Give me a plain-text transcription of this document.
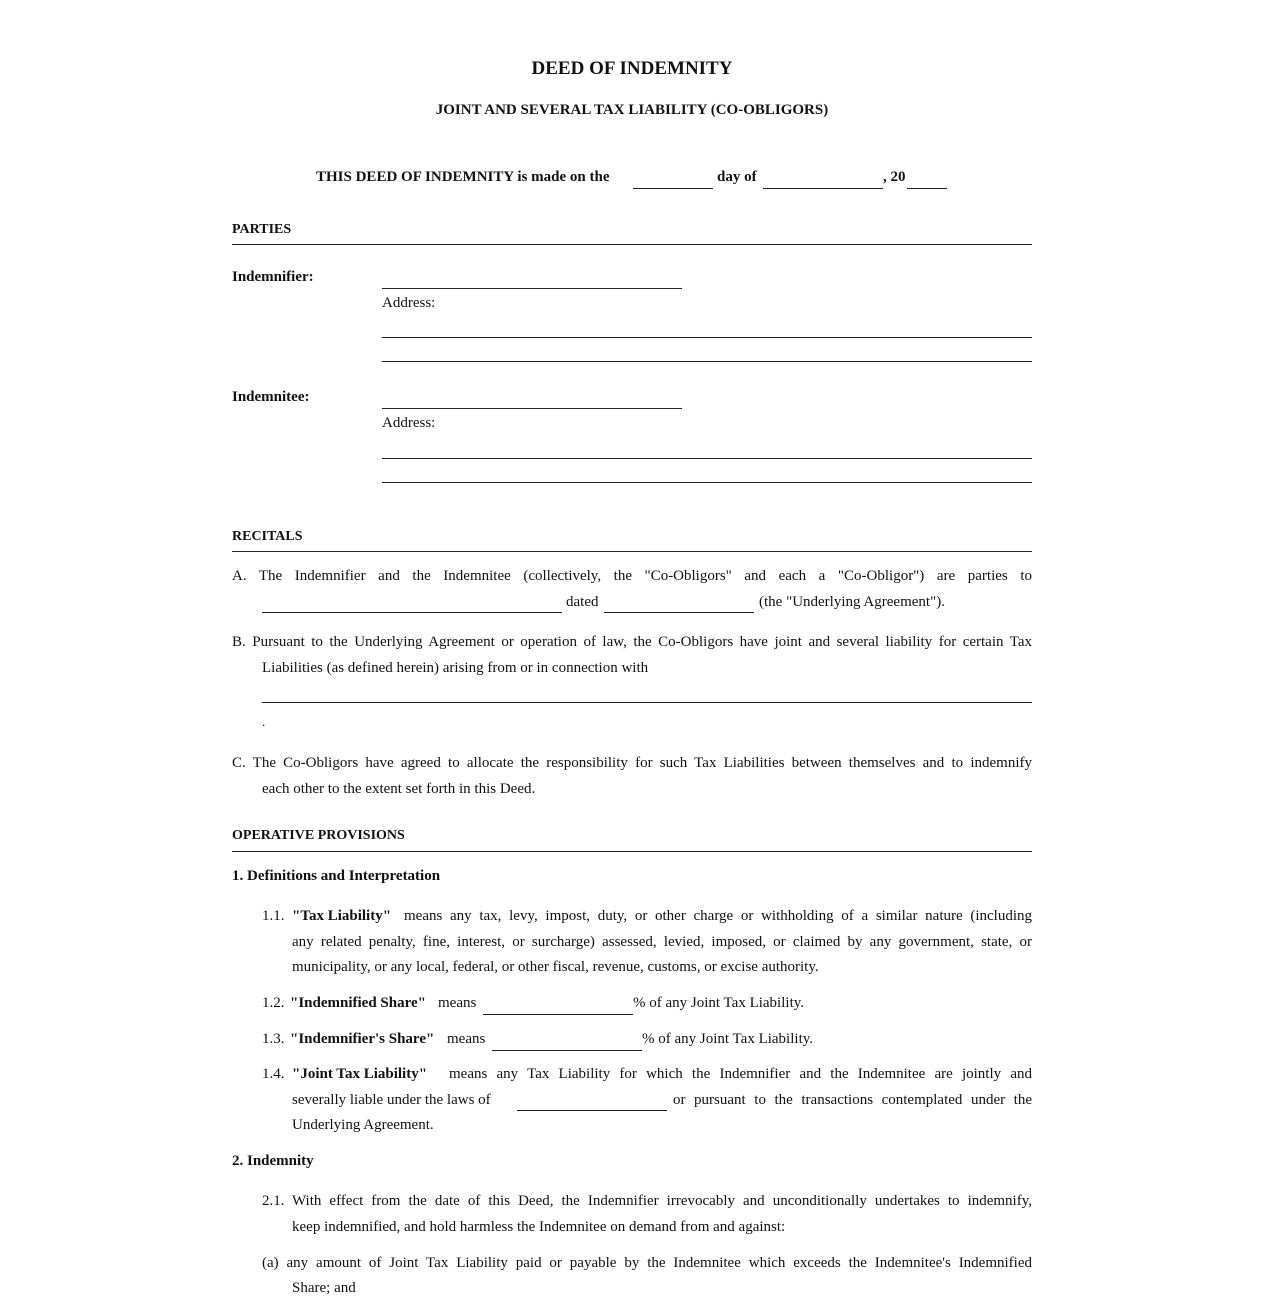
DEED OF INDEMNITY
JOINT AND SEVERAL TAX LIABILITY (CO-OBLIGORS)
THIS DEED OF INDEMNITY is made on the	day of	, 20
PARTIES
Indemnifier:
Address:
Indemnitee:
Address:
RECITALS
A. The Indemnifier and the Indemnitee (collectively, the "Co-Obligors" and each a "Co-Obligor") are parties to
dated	(the "Underlying Agreement").
B. Pursuant to the Underlying Agreement or operation of law, the Co-Obligors have joint and several liability for certain Tax
Liabilities (as defined herein) arising from or in connection with
.
C. The Co-Obligors have agreed to allocate the responsibility for such Tax Liabilities between themselves and to indemnify
each other to the extent set forth in this Deed.
OPERATIVE PROVISIONS
1. Definitions and Interpretation
1.1. "Tax Liability" means any tax, levy, impost, duty, or other charge or withholding of a similar nature (including
any related penalty, fine, interest, or surcharge) assessed, levied, imposed, or claimed by any government, state, or
municipality, or any local, federal, or other fiscal, revenue, customs, or excise authority.
1.2. "Indemnified Share" means	% of any Joint Tax Liability.
1.3. "Indemnifier's Share" means	% of any Joint Tax Liability.
1.4. "Joint Tax Liability" means any Tax Liability for which the Indemnifier and the Indemnitee are jointly and
severally liable under the laws of	or pursuant to the transactions contemplated under the
Underlying Agreement.
2. Indemnity
2.1. With effect from the date of this Deed, the Indemnifier irrevocably and unconditionally undertakes to indemnify,
keep indemnified, and hold harmless the Indemnitee on demand from and against:
(a) any amount of Joint Tax Liability paid or payable by the Indemnitee which exceeds the Indemnitee's Indemnified
Share; and
